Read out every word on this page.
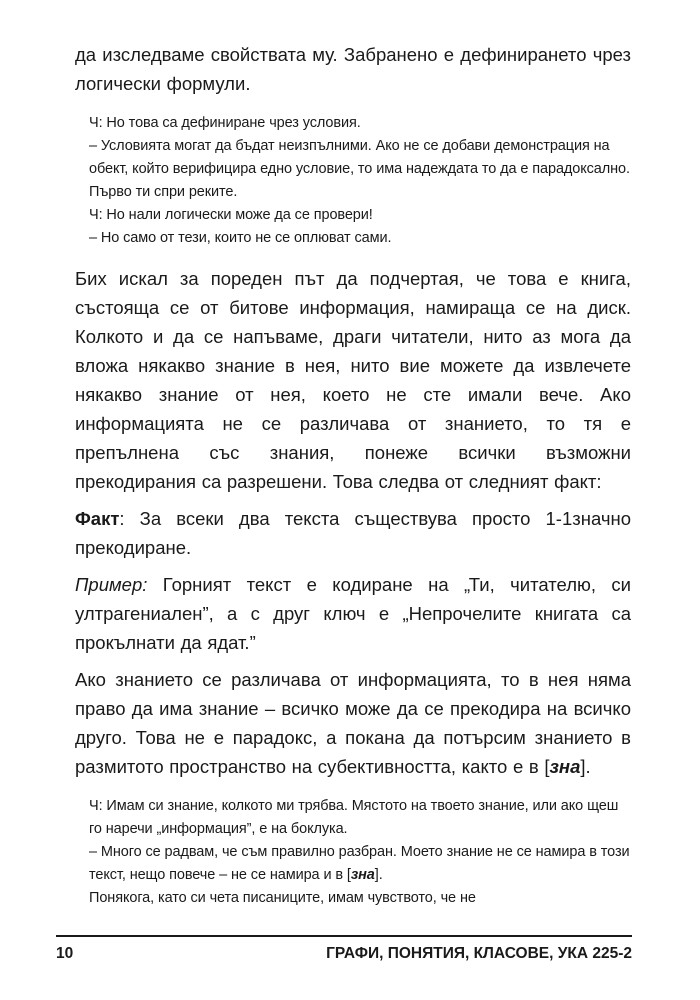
да изследваме свойствата му. Забранено е дефинирането чрез логически формули.

Ч: Но това са дефиниране чрез условия.

– Условията могат да бъдат неизпълними. Ако не се добави демонстрация на обект, който верифицира едно условие, то има надеждата то да е парадоксално. Първо ти спри реките.

Ч: Но нали логически може да се провери!

– Но само от тези, които не се оплюват сами.

Бих искал за пореден път да подчертая, че това е книга, състояща се от битове информация, намираща се на диск. Колкото и да се напъваме, драги читатели, нито аз мога да вложа някакво знание в нея, нито вие можете да извлечете някакво знание от нея, което не сте имали вече. Ако информацията не се различава от знанието, то тя е препълнена със знания, понеже всички възможни прекодирания са разрешени. Това следва от следният факт:

Факт: За всеки два текста съществува просто 1-1значно прекодиране.

Пример: Горният текст е кодиране на „Ти, читателю, си ултрагениален”, а с друг ключ е „Непрочелите книгата са прокълнати да ядат.”

Ако знанието се различава от информацията, то в нея няма право да има знание – всичко може да се прекодира на всичко друго. Това не е парадокс, а покана да потърсим знанието в размитото пространство на субективността, както е в [зна].

Ч: Имам си знание, колкото ми трябва. Мястото на твоето знание, или ако щеш го наречи „информация”, е на боклука.

– Много се радвам, че съм правилно разбран. Моето знание не се намира в този текст, нещо повече – не се намира и в [зна].

Понякога, като си чета писаниците, имам чувството, че не

10	ГРАФИ, ПОНЯТИЯ, КЛАСОВЕ, УКА 225-2
